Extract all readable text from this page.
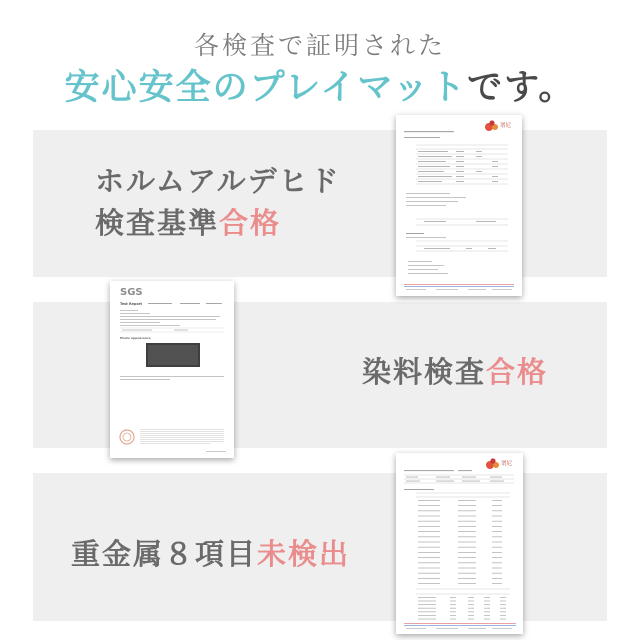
各検査で証明された
安心安全のプレイマットです。
ホルムアルデヒド
検査基準合格
染料検査合格
重金属８項目未検出
谱尼
SGS
Test Report
Photo appearance
谱尼
